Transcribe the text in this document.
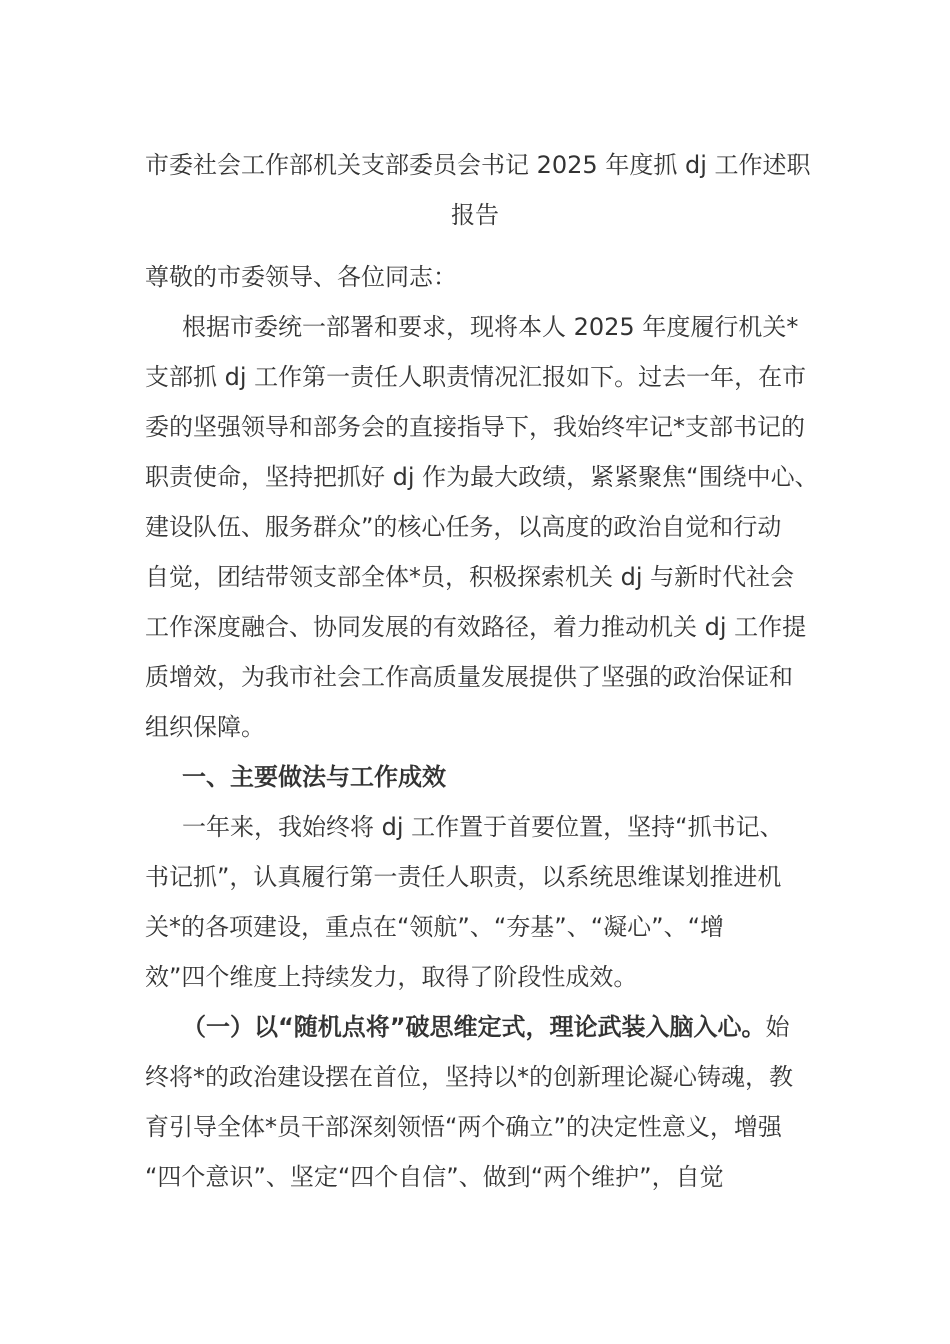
市委社会工作部机关支部委员会书记 2025 年度抓 dj 工作述职
报告
尊敬的市委领导、各位同志：
根据市委统一部署和要求，现将本人 2025 年度履行机关*
支部抓 dj 工作第一责任人职责情况汇报如下。过去一年，在市
委的坚强领导和部务会的直接指导下，我始终牢记*支部书记的
职责使命，坚持把抓好 dj 作为最大政绩，紧紧聚焦“围绕中心、
建设队伍、服务群众”的核心任务，以高度的政治自觉和行动
自觉，团结带领支部全体*员，积极探索机关 dj 与新时代社会
工作深度融合、协同发展的有效路径，着力推动机关 dj 工作提
质增效，为我市社会工作高质量发展提供了坚强的政治保证和
组织保障。
一、主要做法与工作成效
一年来，我始终将 dj 工作置于首要位置，坚持“抓书记、
书记抓”，认真履行第一责任人职责，以系统思维谋划推进机
关*的各项建设，重点在“领航”、“夯基”、“凝心”、“增
效”四个维度上持续发力，取得了阶段性成效。
（一）以“随机点将”破思维定式，理论武装入脑入心。始
终将*的政治建设摆在首位，坚持以*的创新理论凝心铸魂，教
育引导全体*员干部深刻领悟“两个确立”的决定性意义，增强
“四个意识”、坚定“四个自信”、做到“两个维护”，自觉
